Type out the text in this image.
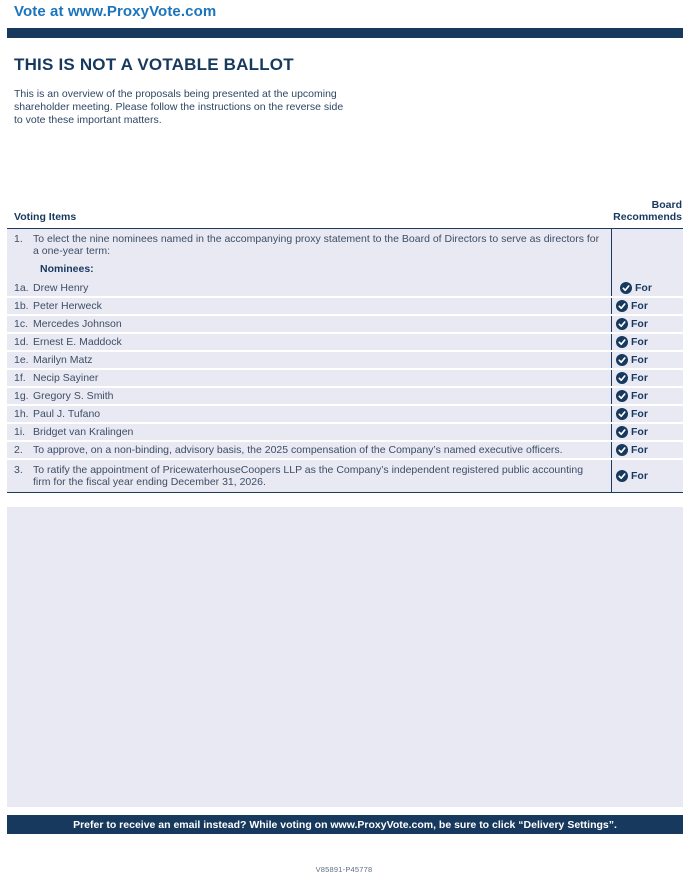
Vote at www.ProxyVote.com
THIS IS NOT A VOTABLE BALLOT
This is an overview of the proposals being presented at the upcoming shareholder meeting. Please follow the instructions on the reverse side to vote these important matters.
Voting Items
Board Recommends
1. To elect the nine nominees named in the accompanying proxy statement to the Board of Directors to serve as directors for a one-year term:
Nominees:
1a. Drew Henry	For
1b. Peter Herweck	For
1c. Mercedes Johnson	For
1d. Ernest E. Maddock	For
1e. Marilyn Matz	For
1f. Necip Sayiner	For
1g. Gregory S. Smith	For
1h. Paul J. Tufano	For
1i. Bridget van Kralingen	For
2. To approve, on a non-binding, advisory basis, the 2025 compensation of the Company’s named executive officers.	For
3. To ratify the appointment of PricewaterhouseCoopers LLP as the Company’s independent registered public accounting firm for the fiscal year ending December 31, 2026.	For
Prefer to receive an email instead? While voting on www.ProxyVote.com, be sure to click “Delivery Settings”.
V85891-P45778
